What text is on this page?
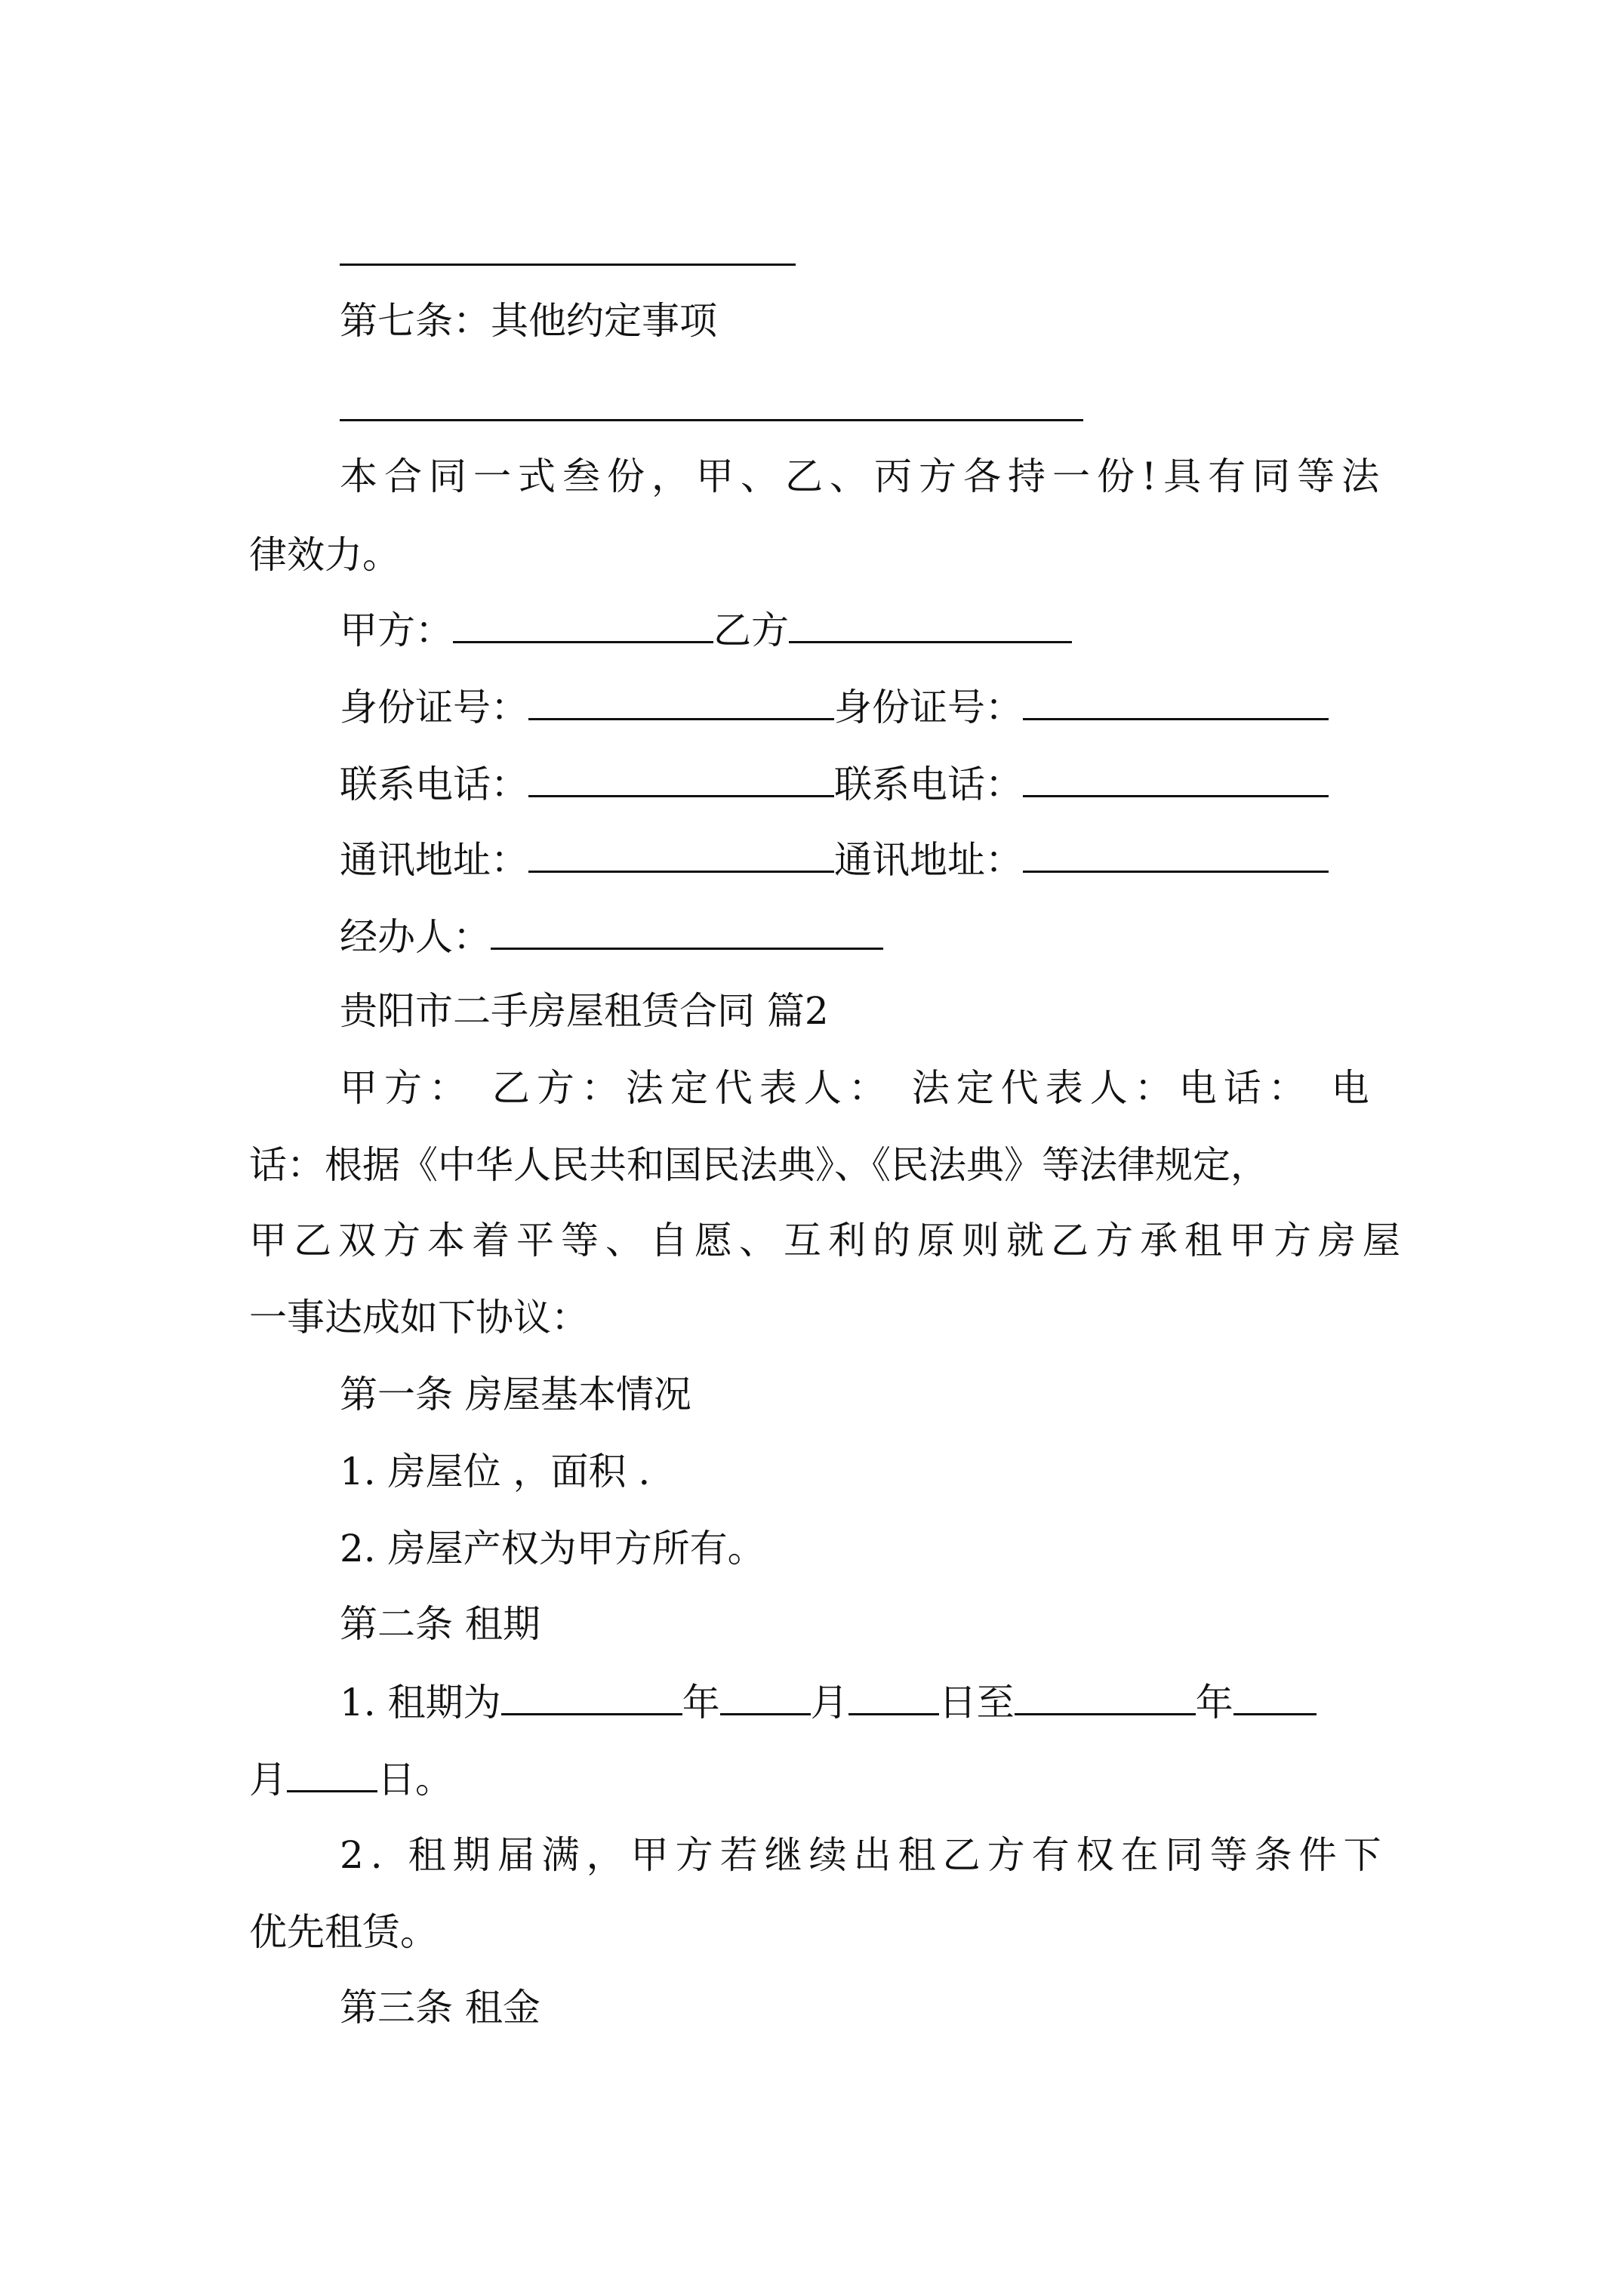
第七条：其他约定事项
本合同一式叁份，甲、乙、丙方各持一份!具有同等法
律效力。
甲方：	乙方
身份证号：	身份证号：
联系电话：	联系电话：
通讯地址：	通讯地址：
经办人：
贵阳市二手房屋租赁合同 篇2
甲方： 乙方：法定代表人： 法定代表人：电话： 电
话：根据《中华人民共和国民法典》、《民法典》等法律规定，
甲乙双方本着平等、自愿、互利的原则就乙方承租甲方房屋
一事达成如下协议：
第一条 房屋基本情况
1. 房屋位 ，面积 .
2. 房屋产权为甲方所有。
第二条 租期
1. 租期为	年 月 日至	年
月 日。
2. 租期届满，甲方若继续出租乙方有权在同等条件下
优先租赁。
第三条 租金
